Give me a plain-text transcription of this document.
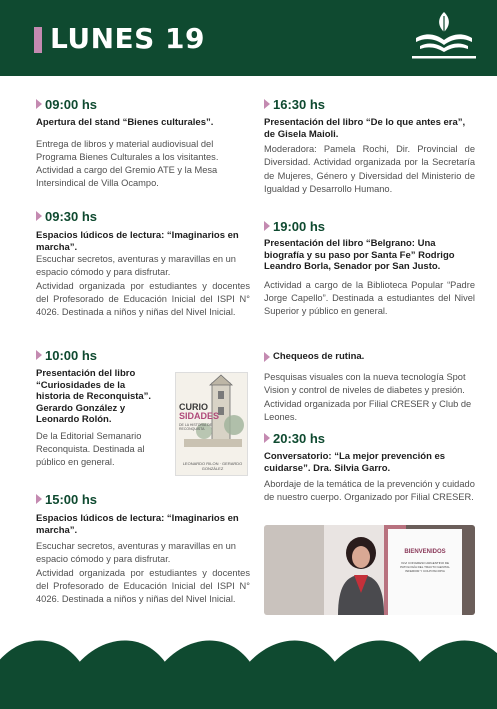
LUNES 19
09:00 hs
Apertura del stand “Bienes culturales”.
Entrega de libros y material audiovisual del Programa Bienes Culturales a los visitantes. Actividad a cargo del Gremio ATE y la Mesa Intersindical de Villa Ocampo.
09:30 hs
Espacios lúdicos de lectura: “Imaginarios en marcha”.
Escuchar secretos, aventuras y maravillas en un espacio cómodo y para disfrutar.
Actividad organizada por estudiantes y docentes del Profesorado de Educación Inicial del ISPI N° 4026. Destinada a niños y niñas del Nivel Inicial.
10:00 hs
Presentación del libro “Curiosidades de la historia de Reconquista”. Gerardo González y Leonardo Rolón.
De la Editorial Semanario Reconquista. Destinada al público en general.
CURIO
SIDADES
DE LA HISTORIA DE RECONQUISTA
LEONARDO RILON · GERARDO GONZÁLEZ
15:00 hs
Espacios lúdicos de lectura: “Imaginarios en marcha”.
Escuchar secretos, aventuras y maravillas en un espacio cómodo y para disfrutar.
Actividad organizada por estudiantes y docentes del Profesorado de Educación Inicial del ISPI N° 4026. Destinada a niños y niñas del Nivel Inicial.
16:30 hs
Presentación del libro “De lo que antes era”, de Gisela Maioli.
Moderadora: Pamela Rochi, Dir. Provincial de Diversidad. Actividad organizada por la Secretaría de Mujeres, Género y Diversidad del Ministerio de Igualdad y Desarrollo Humano.
19:00 hs
Presentación del libro “Belgrano: Una biografía y su paso por Santa Fe” Rodrigo Leandro Borla, Senador por San Justo.
Actividad a cargo de la Biblioteca Popular “Padre Jorge Capello”. Destinada a estudiantes del Nivel Superior y público en general.
Chequeos de rutina.
Pesquisas visuales con la nueva tecnología Spot Vision y control de niveles de diabetes y presión. Actividad organizada por Filial CRESER y Club de Leones.
20:30 hs
Conversatorio: “La mejor prevención es cuidarse”. Dra. Silvia Garro.
Abordaje de la temática de la prevención y cuidado de nuestro cuerpo. Organizado por Filial CRESER.
BIENVENIDOS
XLVI CONGRESO ARGENTINO DE PATOLOGÍA DEL TRACTO GENITAL INFERIOR Y COLPOSCOPIA
